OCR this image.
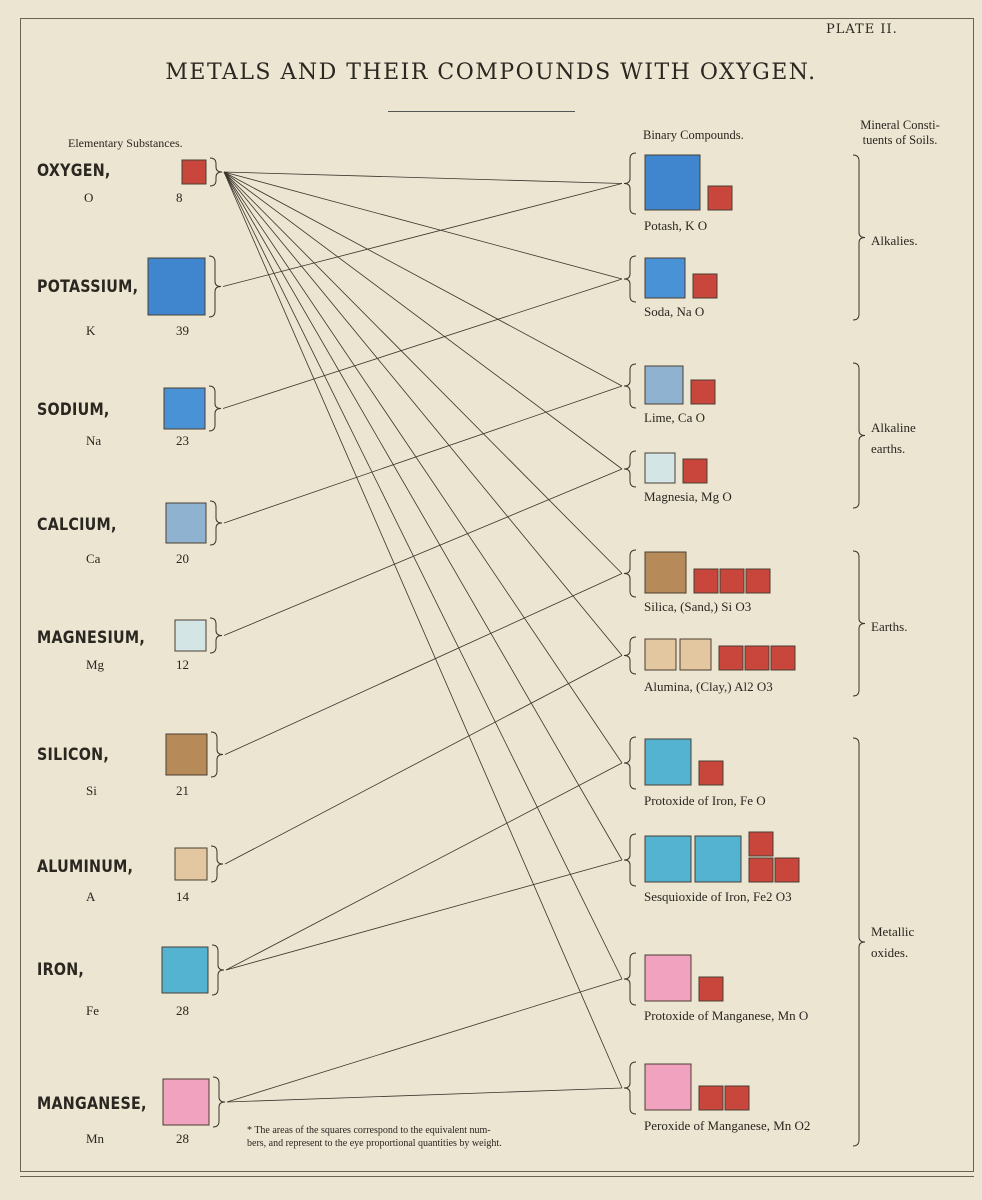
PLATE II.
METALS AND THEIR COMPOUNDS WITH OXYGEN.
Elementary Substances.
Binary Compounds.
Mineral Consti-
tuents of Soils.
* The areas of the squares correspond to the equivalent num-
bers, and represent to the eye proportional quantities by weight.
OXYGEN,
O	8
POTASSIUM,
K	39
SODIUM,
Na	23
CALCIUM,
Ca	20
MAGNESIUM,
Mg	12
SILICON,
Si	21
ALUMINUM,
A	14
IRON,
Fe	28
MANGANESE,
Mn	28
Potash, K O
Soda, Na O
Lime, Ca O
Magnesia, Mg O
Silica, (Sand,) Si O3
Alumina, (Clay,) Al2 O3
Protoxide of Iron, Fe O
Sesquioxide of Iron, Fe2 O3
Protoxide of Manganese, Mn O
Peroxide of Manganese, Mn O2
Alkalies.
Alkaline
earths.
Earths.
Metallic
oxides.
